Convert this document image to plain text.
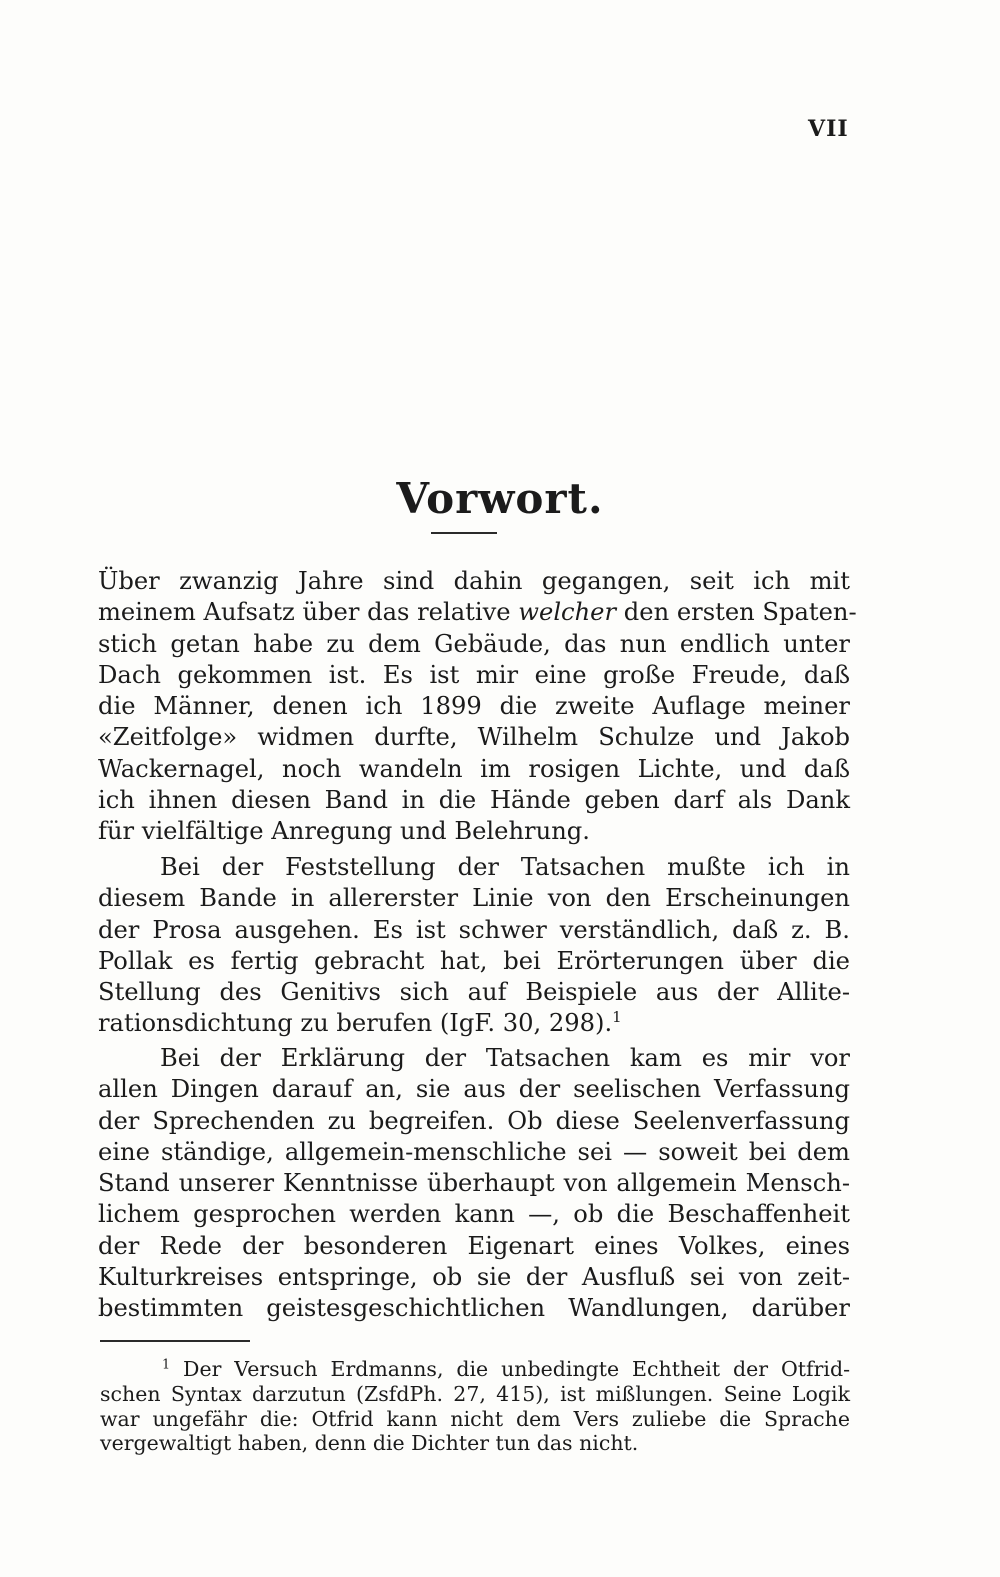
VII
Vorwort.
Über zwanzig Jahre sind dahin gegangen, seit ich mit
meinem Aufsatz über das relative welcher den ersten Spaten-
stich getan habe zu dem Gebäude, das nun endlich unter
Dach gekommen ist. Es ist mir eine große Freude, daß
die Männer, denen ich 1899 die zweite Auflage meiner
«Zeitfolge» widmen durfte, Wilhelm Schulze und Jakob
Wackernagel, noch wandeln im rosigen Lichte, und daß
ich ihnen diesen Band in die Hände geben darf als Dank
für vielfältige Anregung und Belehrung.
Bei der Feststellung der Tatsachen mußte ich in
diesem Bande in allererster Linie von den Erscheinungen
der Prosa ausgehen. Es ist schwer verständlich, daß z. B.
Pollak es fertig gebracht hat, bei Erörterungen über die
Stellung des Genitivs sich auf Beispiele aus der Allite-
rationsdichtung zu berufen (IgF. 30, 298).$^1$
Bei der Erklärung der Tatsachen kam es mir vor
allen Dingen darauf an, sie aus der seelischen Verfassung
der Sprechenden zu begreifen. Ob diese Seelenverfassung
eine ständige, allgemein-menschliche sei — soweit bei dem
Stand unserer Kenntnisse überhaupt von allgemein Mensch-
lichem gesprochen werden kann —, ob die Beschaffenheit
der Rede der besonderen Eigenart eines Volkes, eines
Kulturkreises entspringe, ob sie der Ausfluß sei von zeit-
bestimmten geistesgeschichtlichen Wandlungen, darüber
$^1$ Der Versuch Erdmanns, die unbedingte Echtheit der Otfrid-
schen Syntax darzutun (ZsfdPh. 27, 415), ist mißlungen. Seine Logik
war ungefähr die: Otfrid kann nicht dem Vers zuliebe die Sprache
vergewaltigt haben, denn die Dichter tun das nicht.
